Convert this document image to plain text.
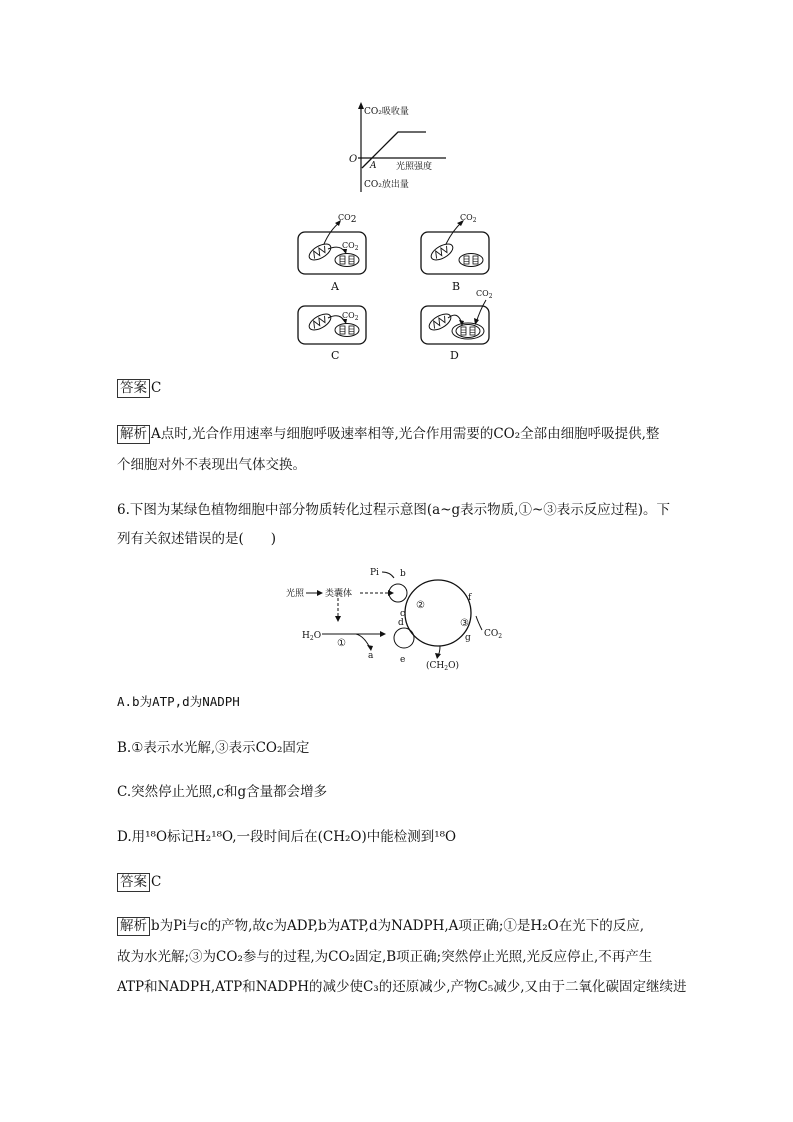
CO₂吸收量
光照强度
CO₂放出量
O
A
CO2
$CO_2$
$CO_2$
$CO_2$
$CO_2$
A	B
C	D
答案 C
解析 A点时,光合作用速率与细胞呼吸速率相等,光合作用需要的CO₂全部由细胞呼吸提供,整
个细胞对外不表现出气体交换。
6.下图为某绿色植物细胞中部分物质转化过程示意图(a~g表示物质,①~③表示反应过程)。下
列有关叙述错误的是(　　)
光照 类囊体
$H_2O$
①
a
Pi b
c
d
e
②
③
f
g $CO_2$
$(CH_2O)$
A.b为ATP,d为NADPH
B.①表示水光解,③表示CO₂固定
C.突然停止光照,c和g含量都会增多
D.用¹⁸O标记H₂¹⁸O,一段时间后在(CH₂O)中能检测到¹⁸O
答案 C
解析 b为Pi与c的产物,故c为ADP,b为ATP,d为NADPH,A项正确;①是H₂O在光下的反应,
故为水光解;③为CO₂参与的过程,为CO₂固定,B项正确;突然停止光照,光反应停止,不再产生
ATP和NADPH,ATP和NADPH的减少使C₃的还原减少,产物C₅减少,又由于二氧化碳固定继续进
